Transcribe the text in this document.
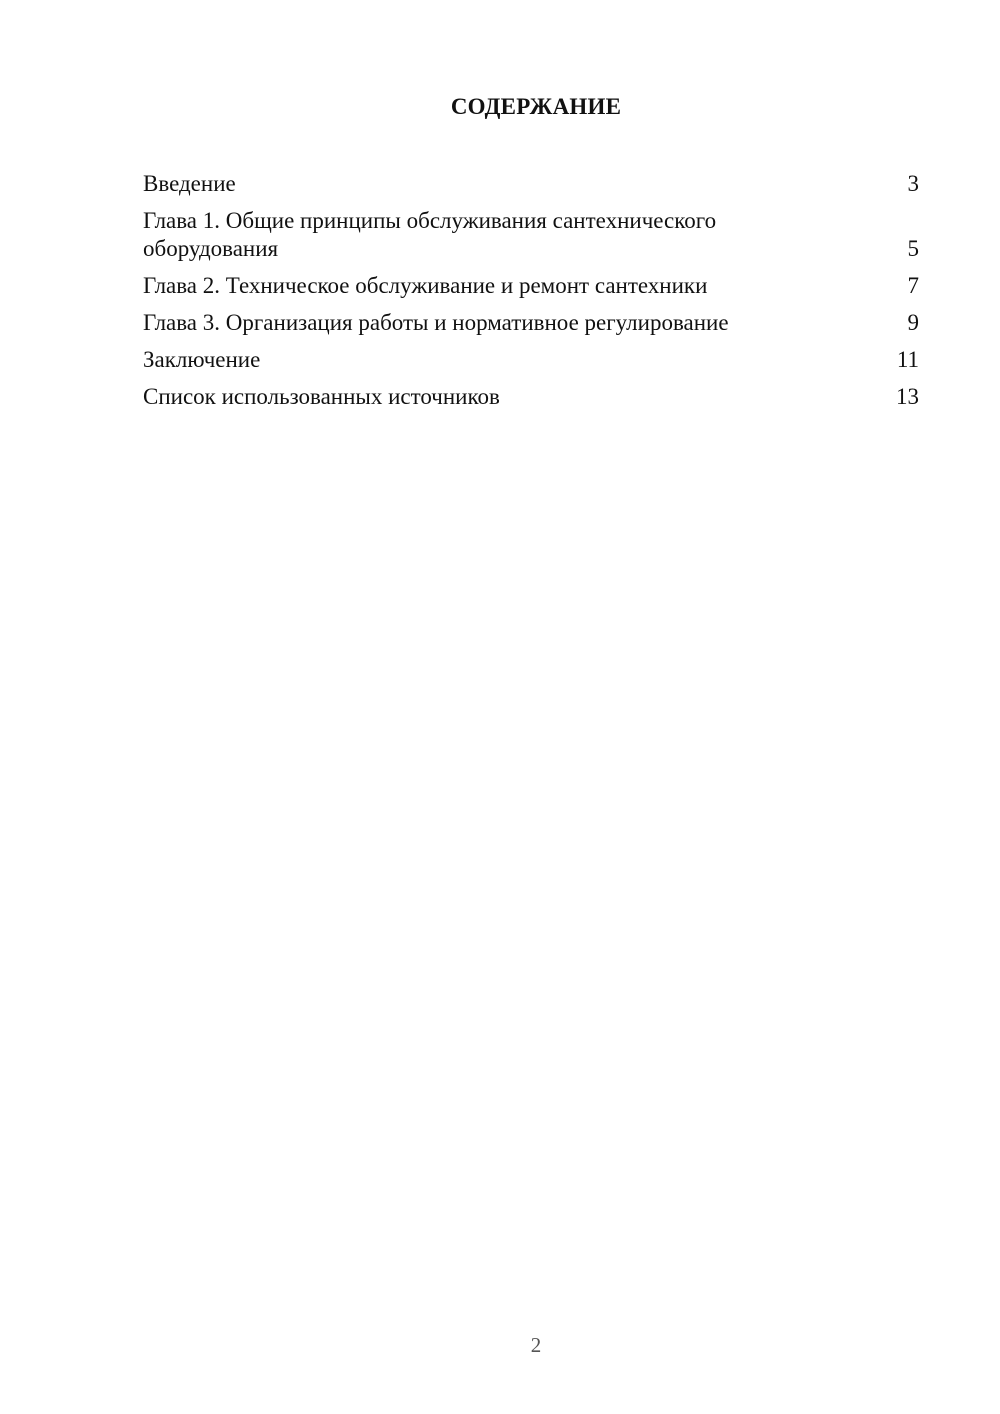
СОДЕРЖАНИЕ
Введение	3
Глава 1. Общие принципы обслуживания сантехнического оборудования	5
Глава 2. Техническое обслуживание и ремонт сантехники	7
Глава 3. Организация работы и нормативное регулирование	9
Заключение	11
Список использованных источников	13
2
